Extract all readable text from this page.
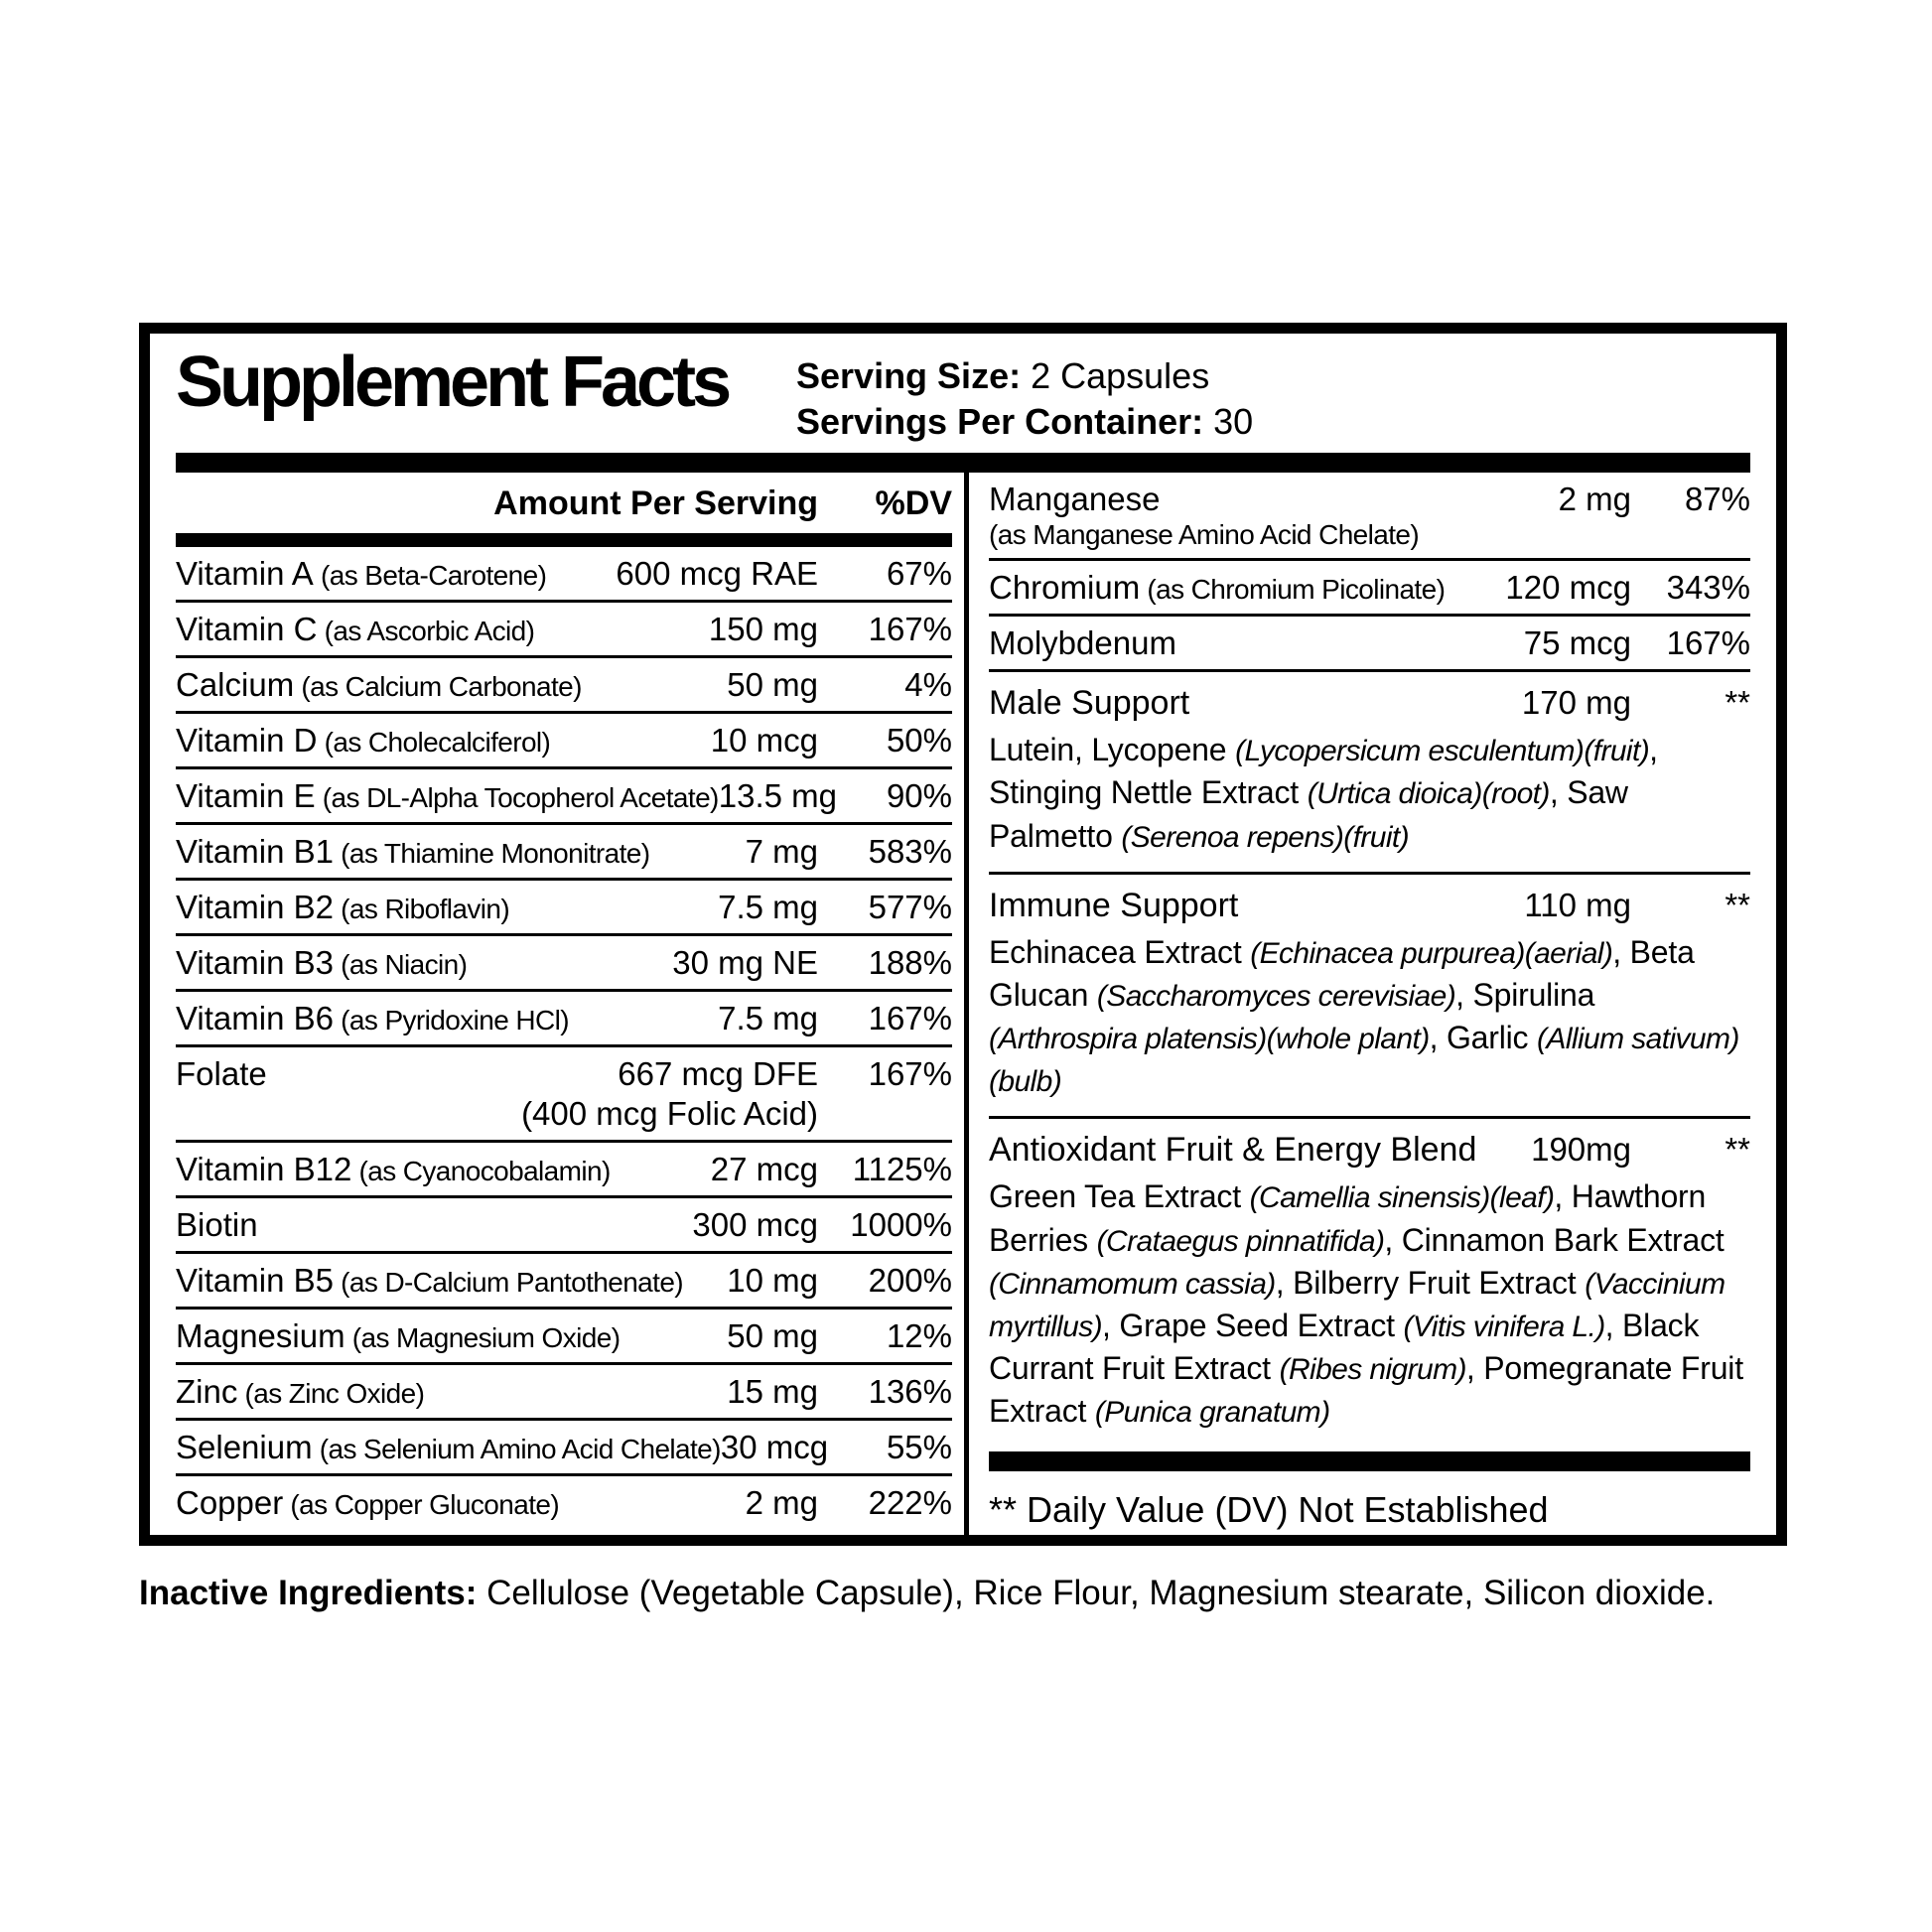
Supplement Facts	Serving Size: 2 Capsules
Servings Per Container: 30
Amount Per Serving	%DV
Vitamin A (as Beta-Carotene)	600 mcg RAE	67%
Vitamin C (as Ascorbic Acid)	150 mg	167%
Calcium (as Calcium Carbonate)	50 mg	4%
Vitamin D (as Cholecalciferol)	10 mcg	50%
Vitamin E (as DL-Alpha Tocopherol Acetate) 13.5 mg	90%
Vitamin B1 (as Thiamine Mononitrate)	7 mg	583%
Vitamin B2 (as Riboflavin)	7.5 mg	577%
Vitamin B3 (as Niacin)	30 mg NE	188%
Vitamin B6 (as Pyridoxine HCl)	7.5 mg	167%
Folate	667 mcg DFE	167%
(400 mcg Folic Acid)
Vitamin B12 (as Cyanocobalamin)	27 mcg	1125%
Biotin	300 mcg 1000%
Vitamin B5 (as D-Calcium Pantothenate)	10 mg	200%
Magnesium (as Magnesium Oxide)	50 mg	12%
Zinc (as Zinc Oxide)	15 mg	136%
Selenium (as Selenium Amino Acid Chelate) 30 mcg	55%
Copper (as Copper Gluconate)	2 mg	222%
Manganese	2 mg	87%
(as Manganese Amino Acid Chelate)
Chromium (as Chromium Picolinate)	120 mcg	343%
Molybdenum	75 mcg	167%
Male Support	170 mg	**
Lutein, Lycopene (Lycopersicum esculentum)(fruit), Stinging Nettle Extract (Urtica dioica)(root), Saw Palmetto (Serenoa repens)(fruit)
Immune Support	110 mg	**
Echinacea Extract (Echinacea purpurea)(aerial), Beta Glucan (Saccharomyces cerevisiae), Spirulina (Arthrospira platensis)(whole plant), Garlic (Allium sativum)(bulb)
Antioxidant Fruit & Energy Blend	190mg	**
Green Tea Extract (Camellia sinensis)(leaf), Hawthorn Berries (Crataegus pinnatifida), Cinnamon Bark Extract (Cinnamomum cassia), Bilberry Fruit Extract (Vaccinium myrtillus), Grape Seed Extract (Vitis vinifera L.), Black Currant Fruit Extract (Ribes nigrum), Pomegranate Fruit Extract (Punica granatum)
** Daily Value (DV) Not Established

Inactive Ingredients: Cellulose (Vegetable Capsule), Rice Flour, Magnesium stearate, Silicon dioxide.
